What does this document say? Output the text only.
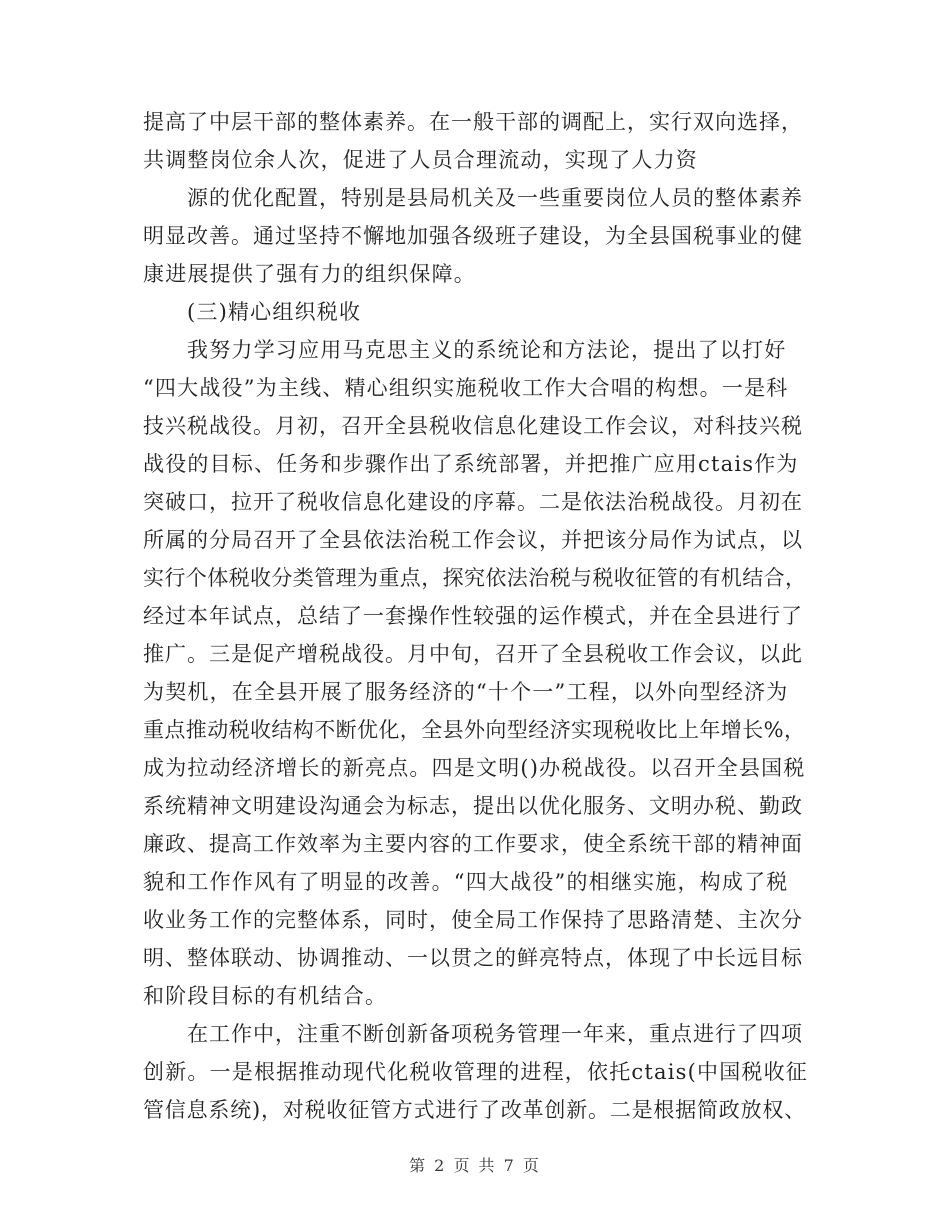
提高了中层干部的整体素养。在一般干部的调配上，实行双向选择，
共调整岗位余人次，促进了人员合理流动，实现了人力资
源的优化配置，特别是县局机关及一些重要岗位人员的整体素养
明显改善。通过坚持不懈地加强各级班子建设，为全县国税事业的健
康进展提供了强有力的组织保障。
(三)精心组织税收
我努力学习应用马克思主义的系统论和方法论，提出了以打好
“四大战役”为主线、精心组织实施税收工作大合唱的构想。一是科
技兴税战役。月初，召开全县税收信息化建设工作会议，对科技兴税
战役的目标、任务和步骤作出了系统部署，并把推广应用ctais作为
突破口，拉开了税收信息化建设的序幕。二是依法治税战役。月初在
所属的分局召开了全县依法治税工作会议，并把该分局作为试点，以
实行个体税收分类管理为重点，探究依法治税与税收征管的有机结合，
经过本年试点，总结了一套操作性较强的运作模式，并在全县进行了
推广。三是促产增税战役。月中旬，召开了全县税收工作会议，以此
为契机，在全县开展了服务经济的“十个一”工程，以外向型经济为
重点推动税收结构不断优化，全县外向型经济实现税收比上年增长%，
成为拉动经济增长的新亮点。四是文明()办税战役。以召开全县国税
系统精神文明建设沟通会为标志，提出以优化服务、文明办税、勤政
廉政、提高工作效率为主要内容的工作要求，使全系统干部的精神面
貌和工作作风有了明显的改善。“四大战役”的相继实施，构成了税
收业务工作的完整体系，同时，使全局工作保持了思路清楚、主次分
明、整体联动、协调推动、一以贯之的鲜亮特点，体现了中长远目标
和阶段目标的有机结合。
在工作中，注重不断创新备项税务管理一年来，重点进行了四项
创新。一是根据推动现代化税收管理的进程，依托ctais(中国税收征
管信息系统)，对税收征管方式进行了改革创新。二是根据简政放权、
第 2 页 共 7 页
